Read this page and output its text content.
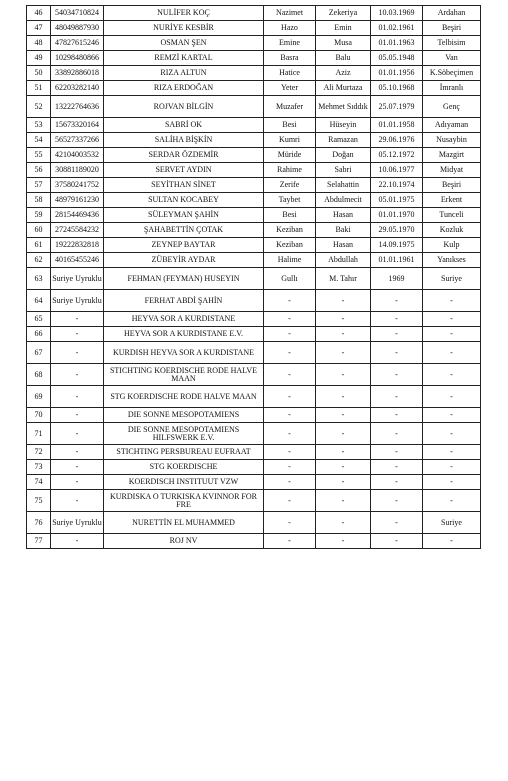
46	54034710824	NULİFER KOÇ	Nazimet	Zekeriya	10.03.1969	Ardahan
47	48049887930	NURİYE KESBİR	Hazo	Emin	01.02.1961	Beşiri
48	47827615246	OSMAN ŞEN	Emine	Musa	01.01.1963	Telbisim
49	10298480866	REMZİ KARTAL	Basra	Balu	05.05.1948	Van
50	33892886018	RIZA ALTUN	Hatice	Aziz	01.01.1956	K.Söbeçimen
51	62203282140	RIZA ERDOĞAN	Yeter	Ali Murtaza	05.10.1968	İmranlı
52	13222764636	ROJVAN BİLGİN	Muzafer	Mehmet Sıddık	25.07.1979	Genç
53	15673320164	SABRİ OK	Besi	Hüseyin	01.01.1958	Adıyaman
54	56527337266	SALİHA BİŞKİN	Kumri	Ramazan	29.06.1976	Nusaybin
55	42104003532	SERDAR ÖZDEMİR	Müride	Doğan	05.12.1972	Mazgirt
56	30881189020	SERVET AYDIN	Rahime	Sabri	10.06.1977	Midyat
57	37580241752	SEYİTHAN SİNET	Zerife	Selahattin	22.10.1974	Beşiri
58	48979161230	SULTAN KOCABEY	Taybet	Abdulmecit	05.01.1975	Erkent
59	28154469436	SÜLEYMAN ŞAHİN	Besi	Hasan	01.01.1970	Tunceli
60	27245584232	ŞAHABETTİN ÇOTAK	Keziban	Baki	29.05.1970	Kozluk
61	19222832818	ZEYNEP BAYTAR	Keziban	Hasan	14.09.1975	Kulp
62	40165455246	ZÜBEYİR AYDAR	Halime	Abdullah	01.01.1961	Yanıkses
63	Suriye Uyruklu	FEHMAN (FEYMAN) HUSEYIN	Gullı	M. Tahır	1969	Suriye
64	Suriye Uyruklu	FERHAT ABDİ ŞAHİN	-	-	-	-
65	-	HEYVA SOR A KURDISTANE	-	-	-	-
66	-	HEYVA SOR A KURDISTANE E.V.	-	-	-	-
67	-	KURDISH HEYVA SOR A KURDISTANE	-	-	-	-
68	-	STICHTING KOERDISCHE RODE HALVE MAAN	-	-	-	-
69	-	STG KOERDISCHE RODE HALVE MAAN	-	-	-	-
70	-	DIE SONNE MESOPOTAMIENS	-	-	-	-
71	-	DIE SONNE MESOPOTAMIENS HILFSWERK E.V.	-	-	-	-
72	-	STICHTING PERSBUREAU EUFRAAT	-	-	-	-
73	-	STG KOERDISCHE	-	-	-	-
74	-	KOERDISCH INSTITUUT VZW	-	-	-	-
75	-	KURDISKA O TURKISKA KVINNOR FOR FRE	-	-	-	-
76	Suriye Uyruklu	NURETTİN EL MUHAMMED	-	-	-	Suriye
77	-	ROJ NV	-	-	-	-
